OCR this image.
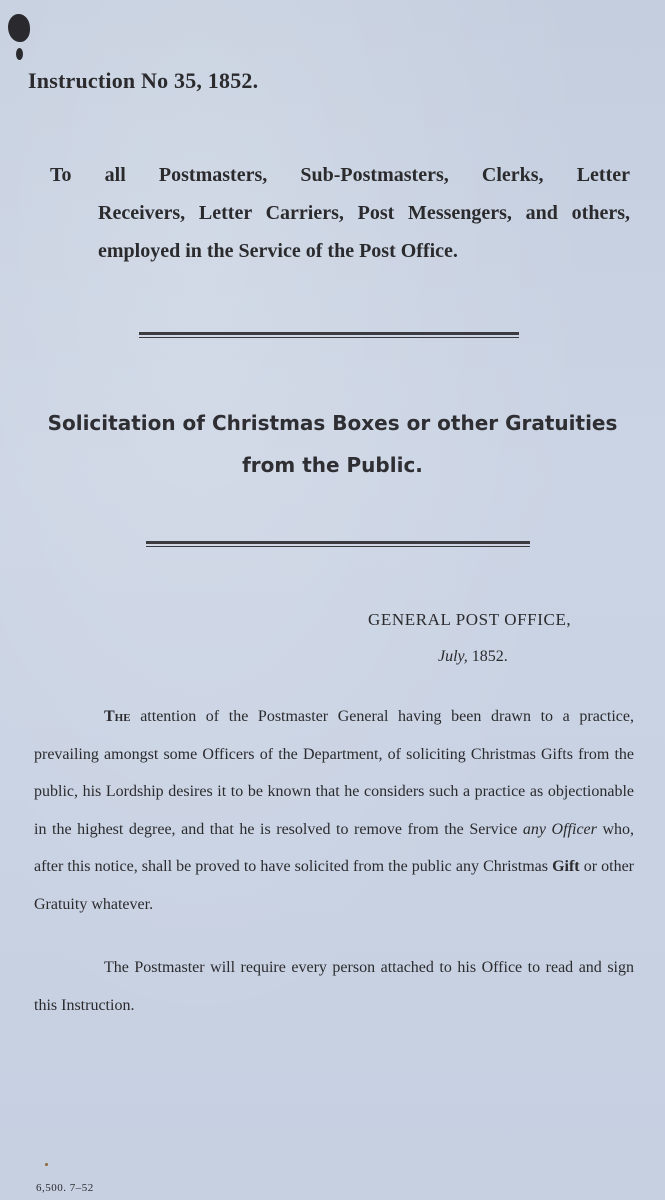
Instruction No 35, 1852.
To all Postmasters, Sub-Postmasters, Clerks, Letter
Receivers, Letter Carriers, Post Messengers, and others, employed in the Service of the Post Office.
Solicitation of Christmas Boxes or other Gratuities from the Public.
GENERAL POST OFFICE,
July, 1852.

The attention of the Postmaster General having been drawn to a practice, prevailing amongst some Officers of the Department, of soliciting Christmas Gifts from the public, his Lordship desires it to be known that he considers such a practice as objectionable in the highest degree, and that he is resolved to remove from the Service any Officer who, after this notice, shall be proved to have solicited from the public any Christmas Gift or other Gratuity whatever.

The Postmaster will require every person attached to his Office to read and sign this Instruction.

6,500. 7–52
